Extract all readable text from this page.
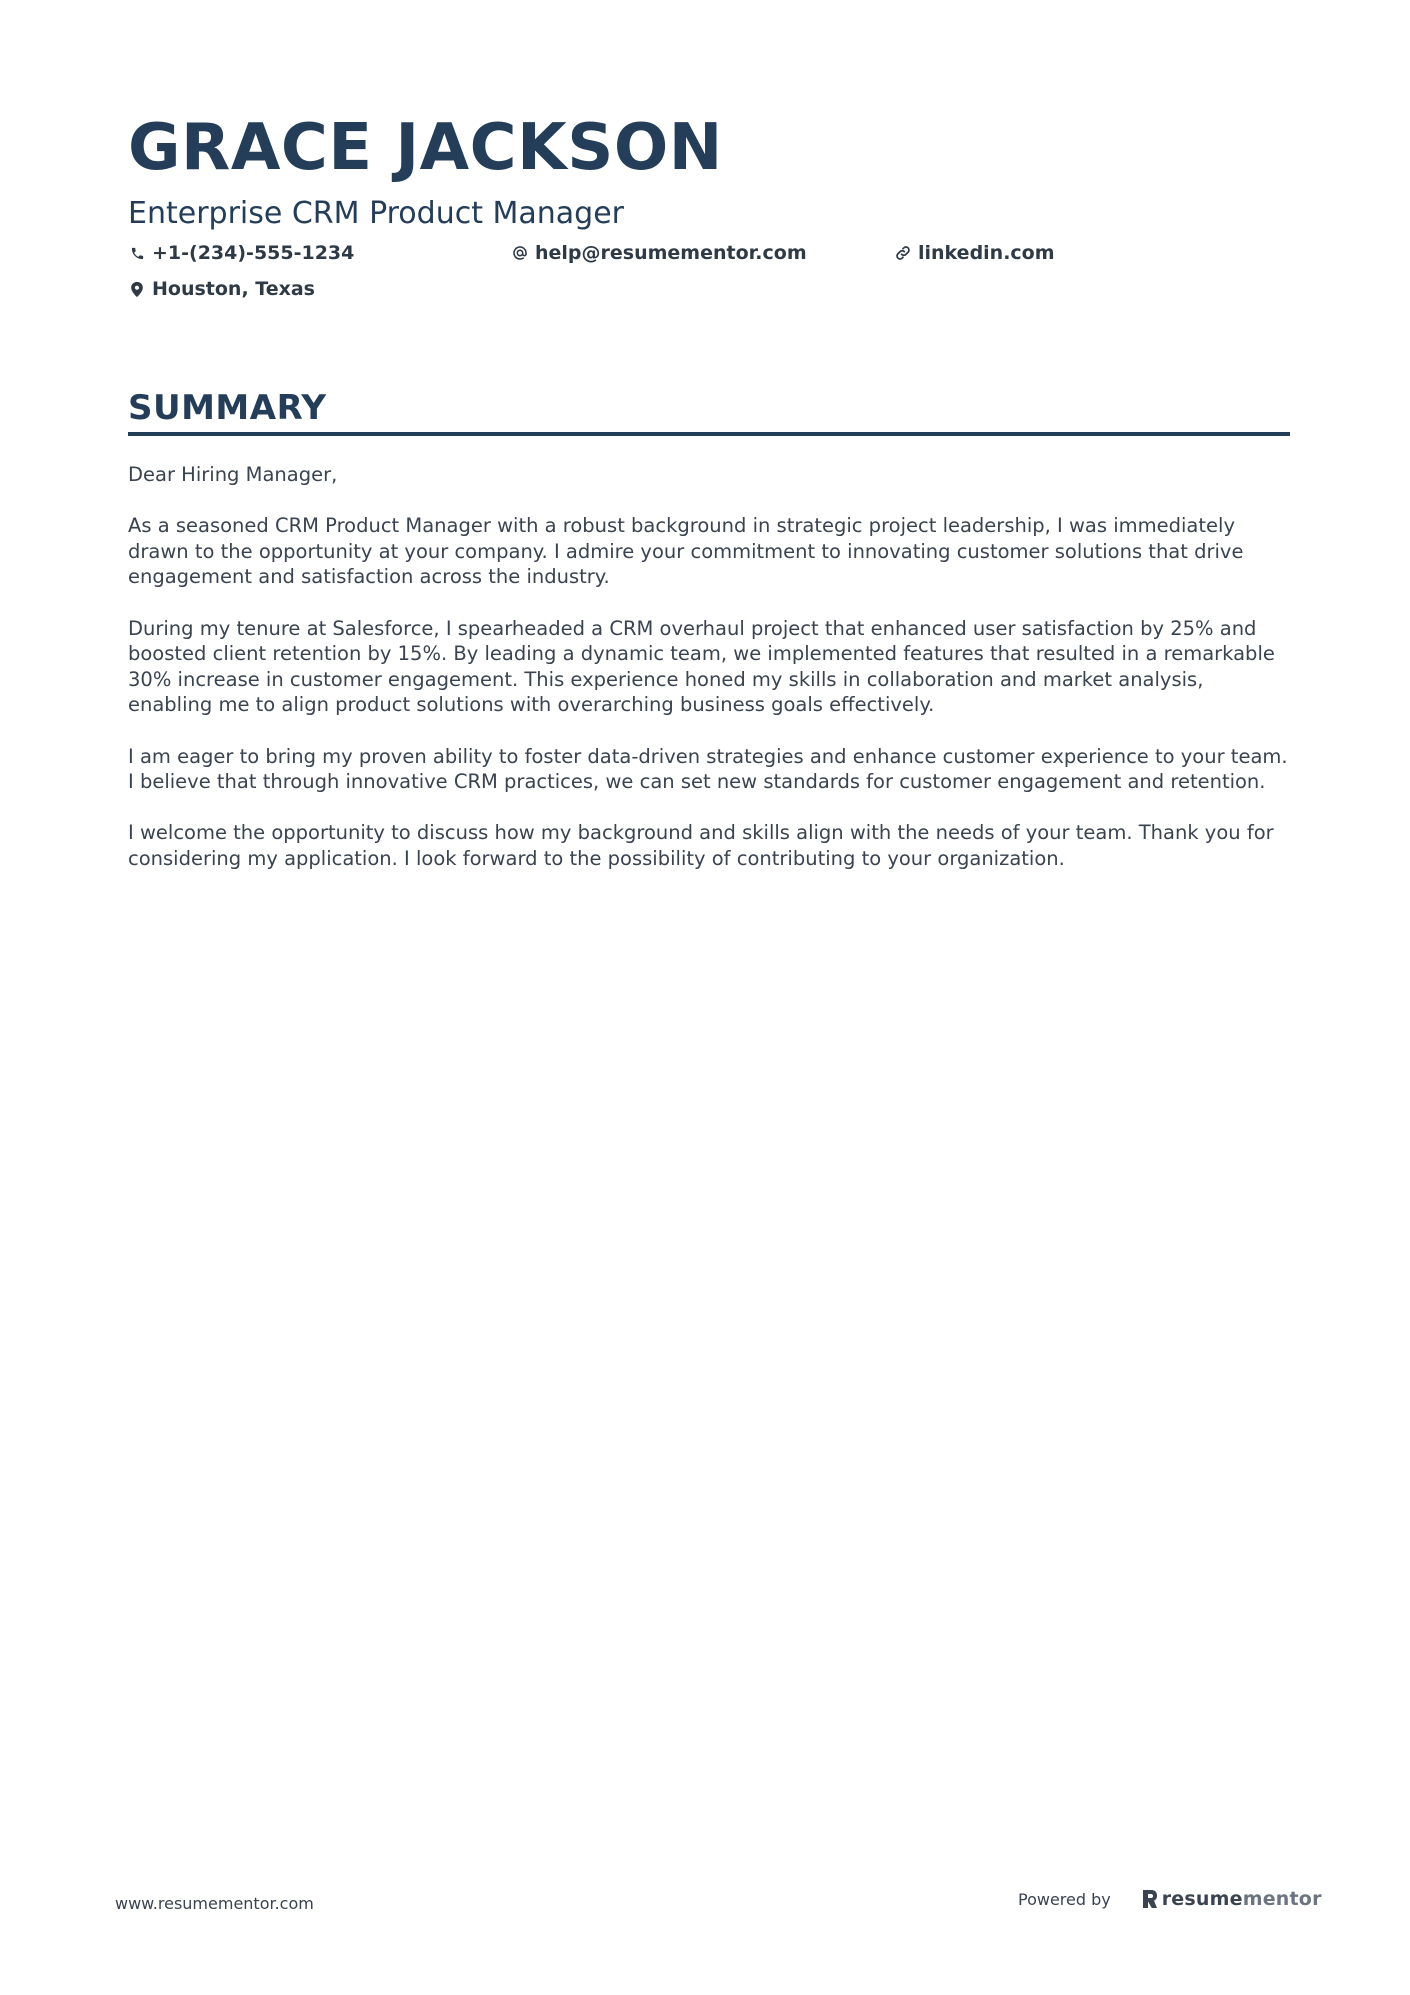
GRACE JACKSON
Enterprise CRM Product Manager
+1-(234)-555-1234	help@resumementor.com	linkedin.com
Houston, Texas
SUMMARY

Dear Hiring Manager,

As a seasoned CRM Product Manager with a robust background in strategic project leadership, I was immediately drawn to the opportunity at your company. I admire your commitment to innovating customer solutions that drive engagement and satisfaction across the industry.

During my tenure at Salesforce, I spearheaded a CRM overhaul project that enhanced user satisfaction by 25% and boosted client retention by 15%. By leading a dynamic team, we implemented features that resulted in a remarkable 30% increase in customer engagement. This experience honed my skills in collaboration and market analysis, enabling me to align product solutions with overarching business goals effectively.

I am eager to bring my proven ability to foster data-driven strategies and enhance customer experience to your team. I believe that through innovative CRM practices, we can set new standards for customer engagement and retention.

I welcome the opportunity to discuss how my background and skills align with the needs of your team. Thank you for considering my application. I look forward to the possibility of contributing to your organization.

www.resumementor.com	Powered by	resume mentor
